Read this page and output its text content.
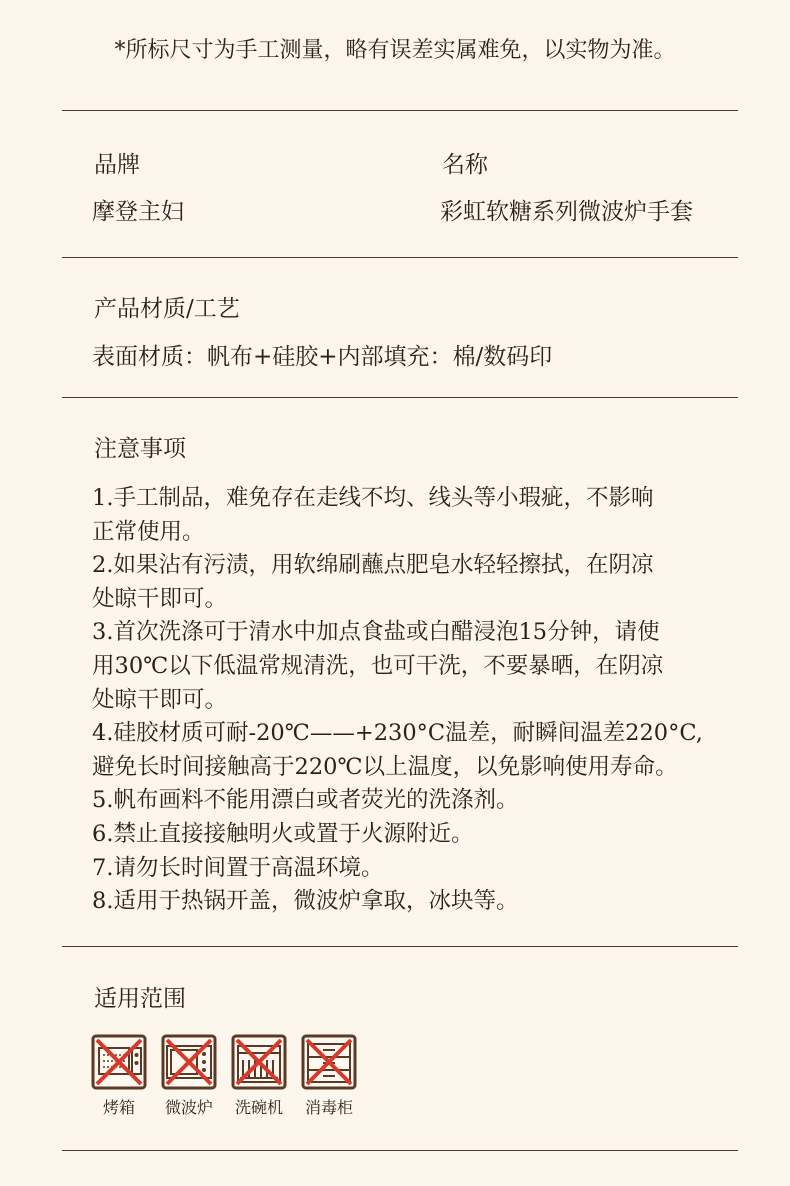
*所标尺寸为手工测量，略有误差实属难免，以实物为准。
品牌
摩登主妇
名称
彩虹软糖系列微波炉手套
产品材质/工艺
表面材质：帆布+硅胶+内部填充：棉/数码印
注意事项
1.手工制品，难免存在走线不均、线头等小瑕疵，不影响
正常使用。
2.如果沾有污渍，用软绵刷蘸点肥皂水轻轻擦拭，在阴凉
处晾干即可。
3.首次洗涤可于清水中加点食盐或白醋浸泡15分钟，请使
用30℃以下低温常规清洗，也可干洗，不要暴晒，在阴凉
处晾干即可。
4.硅胶材质可耐-20℃——+230°C温差，耐瞬间温差220°C,
避免长时间接触高于220℃以上温度，以免影响使用寿命。
5.帆布画料不能用漂白或者荧光的洗涤剂。
6.禁止直接接触明火或置于火源附近。
7.请勿长时间置于高温环境。
8.适用于热锅开盖，微波炉拿取，冰块等。
适用范围
烤箱 微波炉 洗碗机 消毒柜
